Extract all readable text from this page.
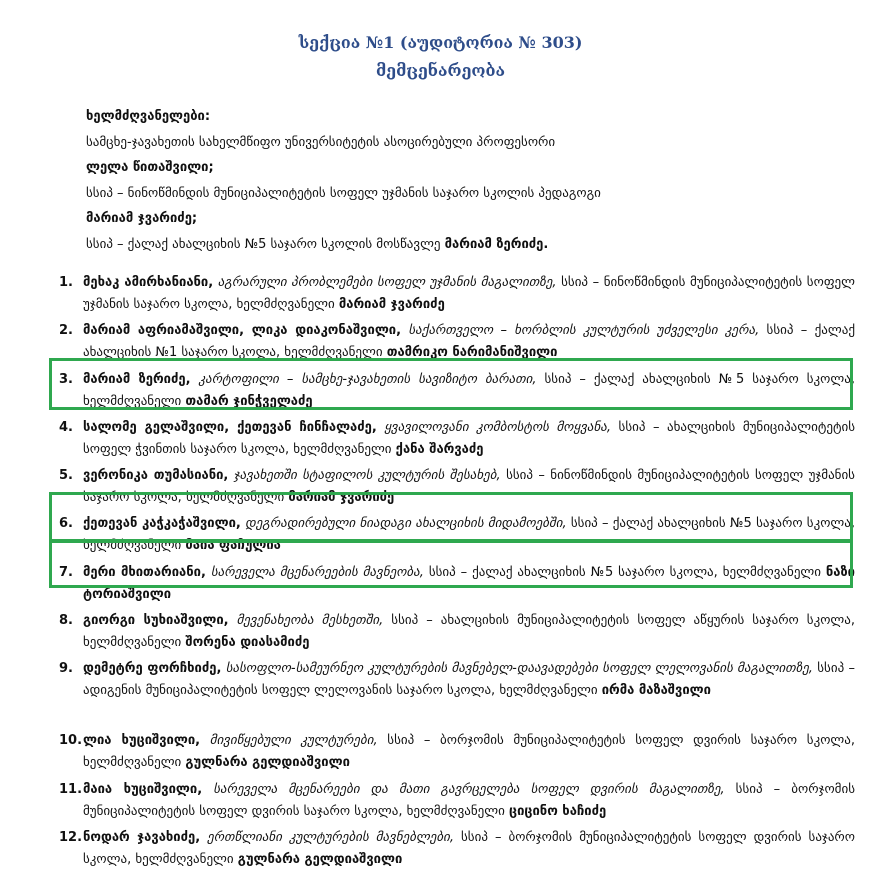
სექცია №1 (აუდიტორია № 303)
მემცენარეობა
ხელმძღვანელები:
სამცხე-ჯავახეთის სახელმწიფო უნივერსიტეტის ასოცირებული პროფესორი
ლელა წითაშვილი;
სსიპ – ნინოწმინდის მუნიციპალიტეტის სოფელ უჯმანის საჯარო სკოლის პედაგოგი
მარიამ ჯვარიძე;
სსიპ – ქალაქ ახალციხის №5 საჯარო სკოლის მოსწავლე მარიამ ზერიძე.
1. მეხაკ ამირხანიანი, აგრარული პრობლემები სოფელ უჯმანის მაგალითზე, სსიპ – ნინოწმინდის მუნიციპალიტეტის სოფელ უჯმანის საჯარო სკოლა, ხელმძღვანელი მარიამ ჯვარიძე
2. მარიამ აფრიამაშვილი, ლიკა დიაკონაშვილი, საქართველო – ხორბლის კულტურის უძველესი კერა, სსიპ – ქალაქ ახალციხის №1 საჯარო სკოლა, ხელმძღვანელი თამრიკო ნარიმანიშვილი
3. მარიამ ზერიძე, კარტოფილი – სამცხე-ჯავახეთის სავიზიტო ბარათი, სსიპ – ქალაქ ახალციხის №5 საჯარო სკოლა, ხელმძღვანელი თამარ ჯინჭველაძე
4. სალომე გელაშვილი, ქეთევან ჩინჩალაძე, ყვავილოვანი კომბოსტოს მოყვანა, სსიპ – ახალციხის მუნიციპალიტეტის სოფელ ჭვინთის საჯარო სკოლა, ხელმძღვანელი ქანა შარვაძე
5. ვერონიკა თუმასიანი, ჯავახეთში სტაფილოს კულტურის შესახებ, სსიპ – ნინოწმინდის მუნიციპალიტეტის სოფელ უჯმანის საჯარო სკოლა, ხელმძღვანელი მარიამ ჯვარიძე
6. ქეთევან კაჭკაჭაშვილი, დეგრადირებული ნიადაგი ახალციხის მიდამოებში, სსიპ – ქალაქ ახალციხის №5 საჯარო სკოლა, ხელმძღვანელი მაია ფაჩულია
7. მერი მხითარიანი, სარეველა მცენარეების მავნეობა, სსიპ – ქალაქ ახალციხის №5 საჯარო სკოლა, ხელმძღვანელი ნაზი ტორიაშვილი
8. გიორგი სუხიაშვილი, მევენახეობა მესხეთში, სსიპ – ახალციხის მუნიციპალიტეტის სოფელ აწყურის საჯარო სკოლა, ხელმძღვანელი შორენა დიასამიძე
9. დემეტრე ფორჩხიძე, სასოფლო-სამეურნეო კულტურების მავნებელ-დაავადებები სოფელ ლელოვანის მაგალითზე, სსიპ – ადიგენის მუნიციპალიტეტის სოფელ ლელოვანის საჯარო სკოლა, ხელმძღვანელი ირმა მაზაშვილი
10. ლია ხუციშვილი, მივიწყებული კულტურები, სსიპ – ბორჯომის მუნიციპალიტეტის სოფელ დვირის საჯარო სკოლა, ხელმძღვანელი გულნარა გელდიაშვილი
11. მაია ხუციშვილი, სარეველა მცენარეები და მათი გავრცელება სოფელ დვირის მაგალითზე, სსიპ – ბორჯომის მუნიციპალიტეტის სოფელ დვირის საჯარო სკოლა, ხელმძღვანელი ციცინო ხაჩიძე
12. ნოდარ ჯავახიძე, ერთწლიანი კულტურების მავნებლები, სსიპ – ბორჯომის მუნიციპალიტეტის სოფელ დვირის საჯარო სკოლა, ხელმძღვანელი გულნარა გელდიაშვილი
